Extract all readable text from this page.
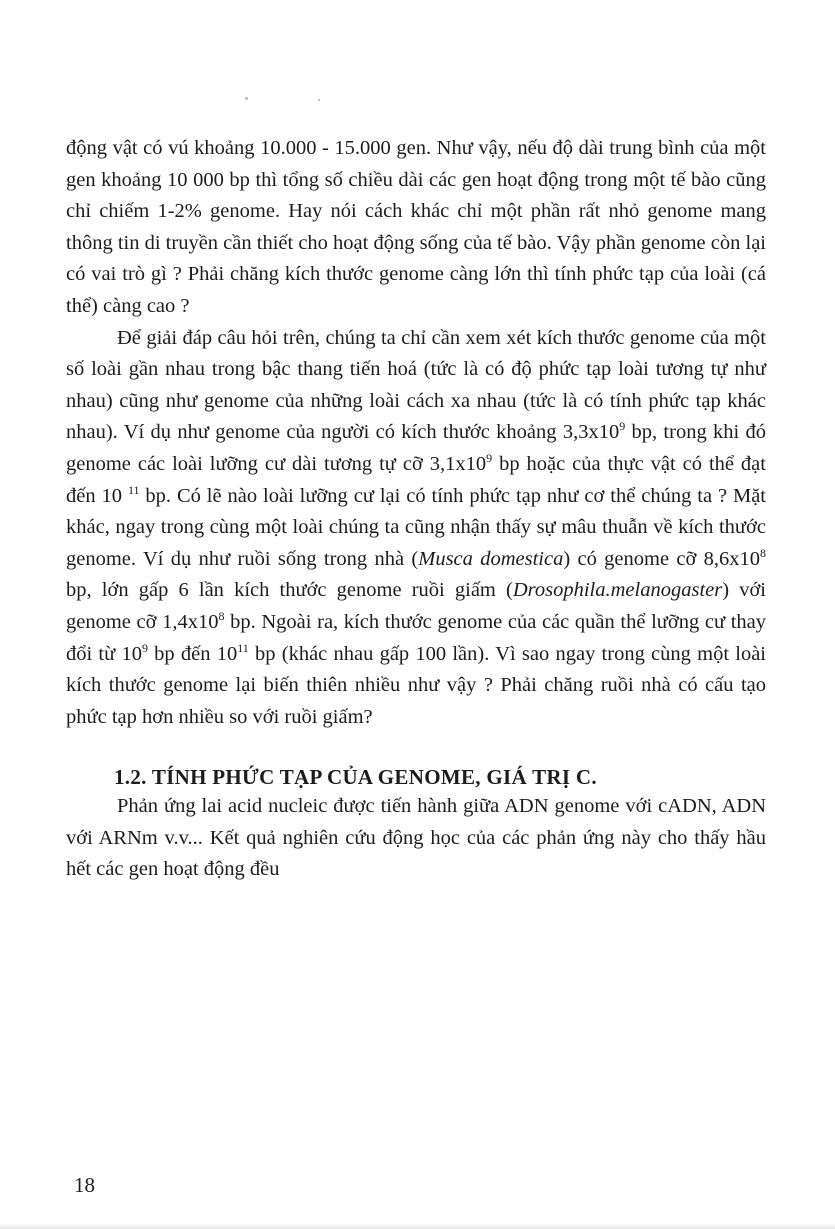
động vật có vú khoảng 10.000 - 15.000 gen. Như vậy, nếu độ dài trung bình của một gen khoảng 10 000 bp thì tổng số chiều dài các gen hoạt động trong một tế bào cũng chỉ chiếm 1-2% genome. Hay nói cách khác chỉ một phần rất nhỏ genome mang thông tin di truyền cần thiết cho hoạt động sống của tế bào. Vậy phần genome còn lại có vai trò gì ? Phải chăng kích thước genome càng lớn thì tính phức tạp của loài (cá thể) càng cao ?

Để giải đáp câu hỏi trên, chúng ta chỉ cần xem xét kích thước genome của một số loài gần nhau trong bậc thang tiến hoá (tức là có độ phức tạp loài tương tự như nhau) cũng như genome của những loài cách xa nhau (tức là có tính phức tạp khác nhau). Ví dụ như genome của người có kích thước khoảng $3,3x10^9$ bp, trong khi đó genome các loài lưỡng cư dài tương tự cỡ $3,1x10^9$ bp hoặc của thực vật có thể đạt đến 10 $^{11}$ bp. Có lẽ nào loài lưỡng cư lại có tính phức tạp như cơ thể chúng ta ? Mặt khác, ngay trong cùng một loài chúng ta cũng nhận thấy sự mâu thuẫn về kích thước genome. Ví dụ như ruồi sống trong nhà (Musca domestica) có genome cỡ $8,6x10^8$ bp, lớn gấp 6 lần kích thước genome ruồi giấm (Drosophila.melanogaster) với genome cỡ $1,4x10^8$ bp. Ngoài ra, kích thước genome của các quần thể lưỡng cư thay đổi từ $10^9$ bp đến $10^{11}$ bp (khác nhau gấp 100 lần). Vì sao ngay trong cùng một loài kích thước genome lại biến thiên nhiều như vậy ? Phải chăng ruồi nhà có cấu tạo phức tạp hơn nhiều so với ruồi giấm?

1.2. TÍNH PHỨC TẠP CỦA GENOME, GIÁ TRỊ C.

Phản ứng lai acid nucleic được tiến hành giữa ADN genome với cADN, ADN với ARNm v.v... Kết quả nghiên cứu động học của các phản ứng này cho thấy hầu hết các gen hoạt động đều

18
